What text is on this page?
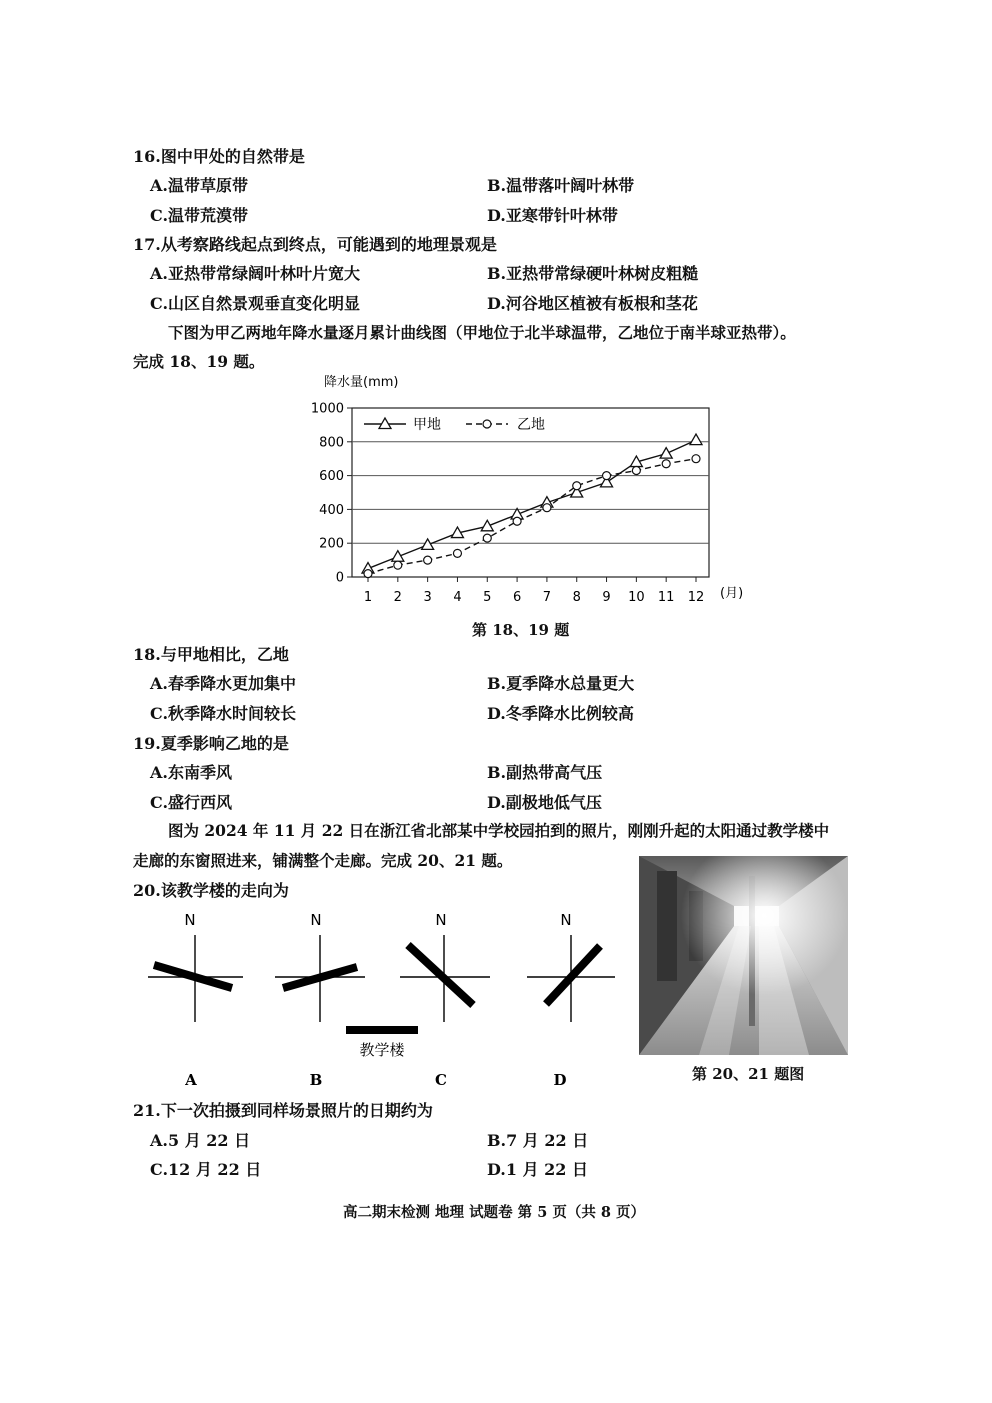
16.图中甲处的自然带是
A.温带草原带	B.温带落叶阔叶林带
C.温带荒漠带	D.亚寒带针叶林带
17.从考察路线起点到终点，可能遇到的地理景观是
A.亚热带常绿阔叶林叶片宽大	B.亚热带常绿硬叶林树皮粗糙
C.山区自然景观垂直变化明显	D.河谷地区植被有板根和茎花
下图为甲乙两地年降水量逐月累计曲线图（甲地位于北半球温带，乙地位于南半球亚热带）。
完成 18、19 题。
降水量(mm)
0
200
400
600
800
1000
1 2 3 4 5 6 7 8 9 10 11 12 (月)
甲地	乙地
第 18、19 题
18.与甲地相比，乙地
A.春季降水更加集中	B.夏季降水总量更大
C.秋季降水时间较长	D.冬季降水比例较高
19.夏季影响乙地的是
A.东南季风	B.副热带高气压
C.盛行西风	D.副极地低气压
图为 2024 年 11 月 22 日在浙江省北部某中学校园拍到的照片，刚刚升起的太阳通过教学楼中
走廊的东窗照进来，铺满整个走廊。完成 20、21 题。
20.该教学楼的走向为
N	N	N	N
教学楼
A	B	C	D	第 20、21 题图
21.下一次拍摄到同样场景照片的日期约为
A.5 月 22 日	B.7 月 22 日
C.12 月 22 日	D.1 月 22 日
高二期末检测 地理 试题卷 第 5 页（共 8 页）
